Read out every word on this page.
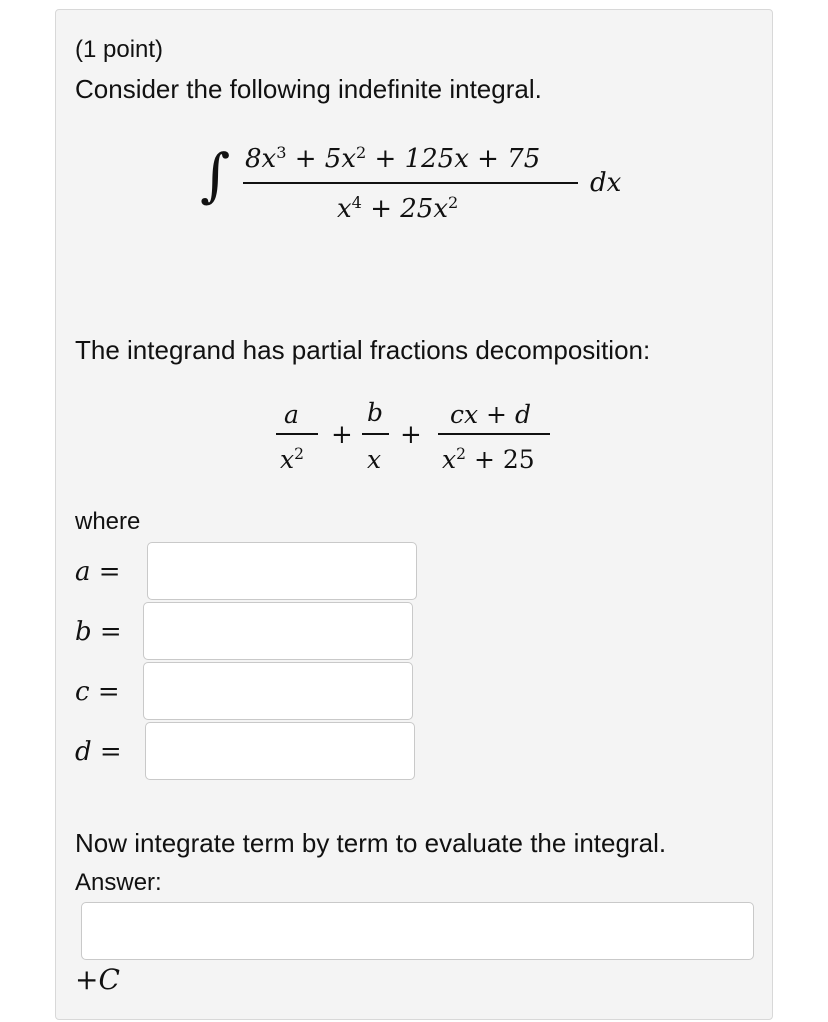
(1 point)
Consider the following indefinite integral.
∫ $8x^3 + 5x^2 + 125x + 75$
$x^4 + 25x^2$
dx
The integrand has partial fractions decomposition:
a
$x^2$
+
b
x
+
cx + d
$x^2 + 25$
where
a =
b =
c =
d =
Now integrate term by term to evaluate the integral.
Answer:
+C
